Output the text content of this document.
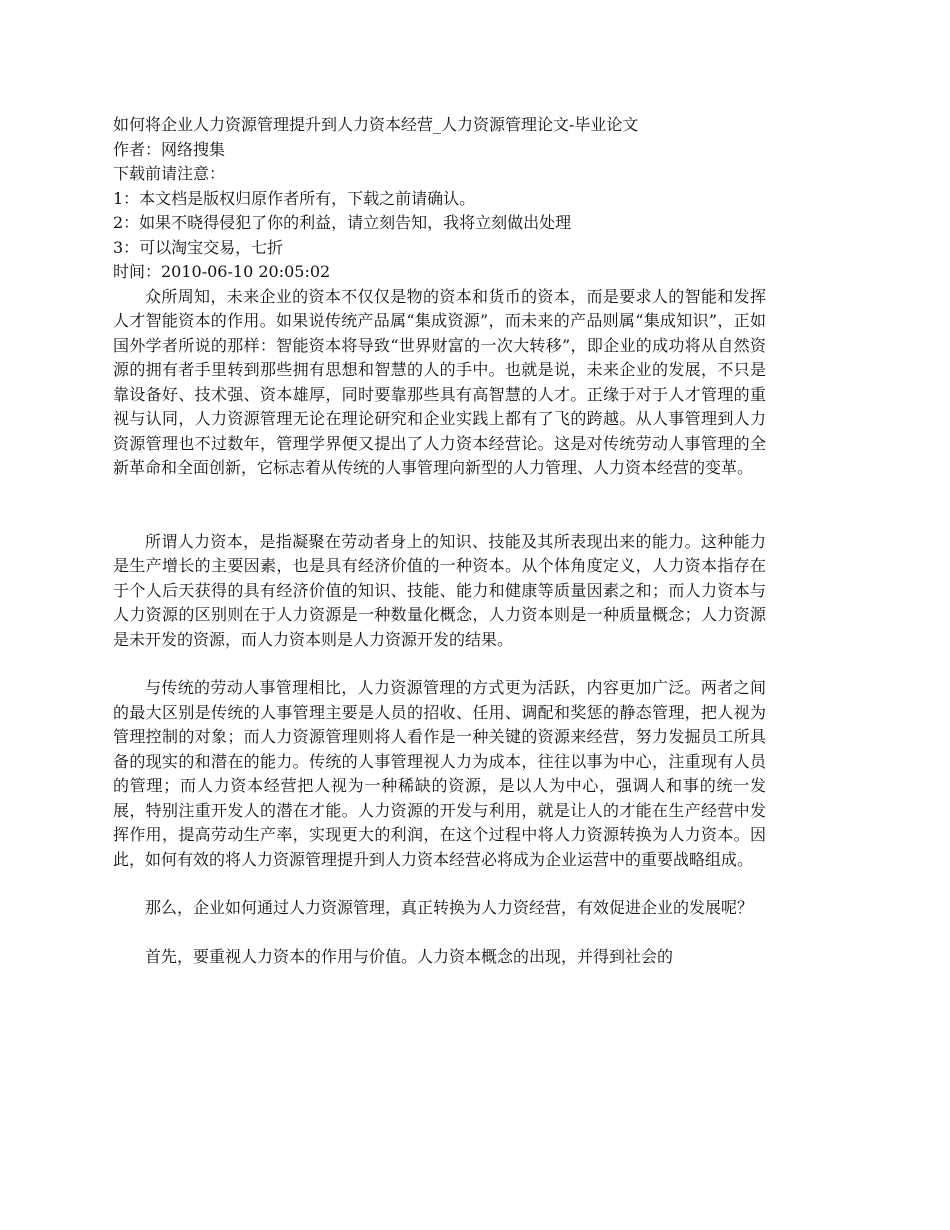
如何将企业人力资源管理提升到人力资本经营_人力资源管理论文-毕业论文
作者：网络搜集
下载前请注意：
1：本文档是版权归原作者所有，下载之前请确认。
2：如果不晓得侵犯了你的利益，请立刻告知，我将立刻做出处理
3：可以淘宝交易，七折
时间：2010-06-10 20:05:02

众所周知，未来企业的资本不仅仅是物的资本和货币的资本，而是要求人的智能和发挥人才智能资本的作用。如果说传统产品属“集成资源”，而未来的产品则属“集成知识”，正如国外学者所说的那样：智能资本将导致“世界财富的一次大转移”，即企业的成功将从自然资源的拥有者手里转到那些拥有思想和智慧的人的手中。也就是说，未来企业的发展，不只是靠设备好、技术强、资本雄厚，同时要靠那些具有高智慧的人才。正缘于对于人才管理的重视与认同，人力资源管理无论在理论研究和企业实践上都有了飞的跨越。从人事管理到人力资源管理也不过数年，管理学界便又提出了人力资本经营论。这是对传统劳动人事管理的全新革命和全面创新，它标志着从传统的人事管理向新型的人力管理、人力资本经营的变革。

所谓人力资本，是指凝聚在劳动者身上的知识、技能及其所表现出来的能力。这种能力是生产增长的主要因素，也是具有经济价值的一种资本。从个体角度定义，人力资本指存在于个人后天获得的具有经济价值的知识、技能、能力和健康等质量因素之和；而人力资本与人力资源的区别则在于人力资源是一种数量化概念，人力资本则是一种质量概念；人力资源是未开发的资源，而人力资本则是人力资源开发的结果。

与传统的劳动人事管理相比，人力资源管理的方式更为活跃，内容更加广泛。两者之间的最大区别是传统的人事管理主要是人员的招收、任用、调配和奖惩的静态管理，把人视为管理控制的对象；而人力资源管理则将人看作是一种关键的资源来经营，努力发掘员工所具备的现实的和潜在的能力。传统的人事管理视人力为成本，往往以事为中心，注重现有人员的管理；而人力资本经营把人视为一种稀缺的资源，是以人为中心，强调人和事的统一发展，特别注重开发人的潜在才能。人力资源的开发与利用，就是让人的才能在生产经营中发挥作用，提高劳动生产率，实现更大的利润，在这个过程中将人力资源转换为人力资本。因此，如何有效的将人力资源管理提升到人力资本经营必将成为企业运营中的重要战略组成。

那么，企业如何通过人力资源管理，真正转换为人力资经营，有效促进企业的发展呢？

首先，要重视人力资本的作用与价值。人力资本概念的出现，并得到社会的
